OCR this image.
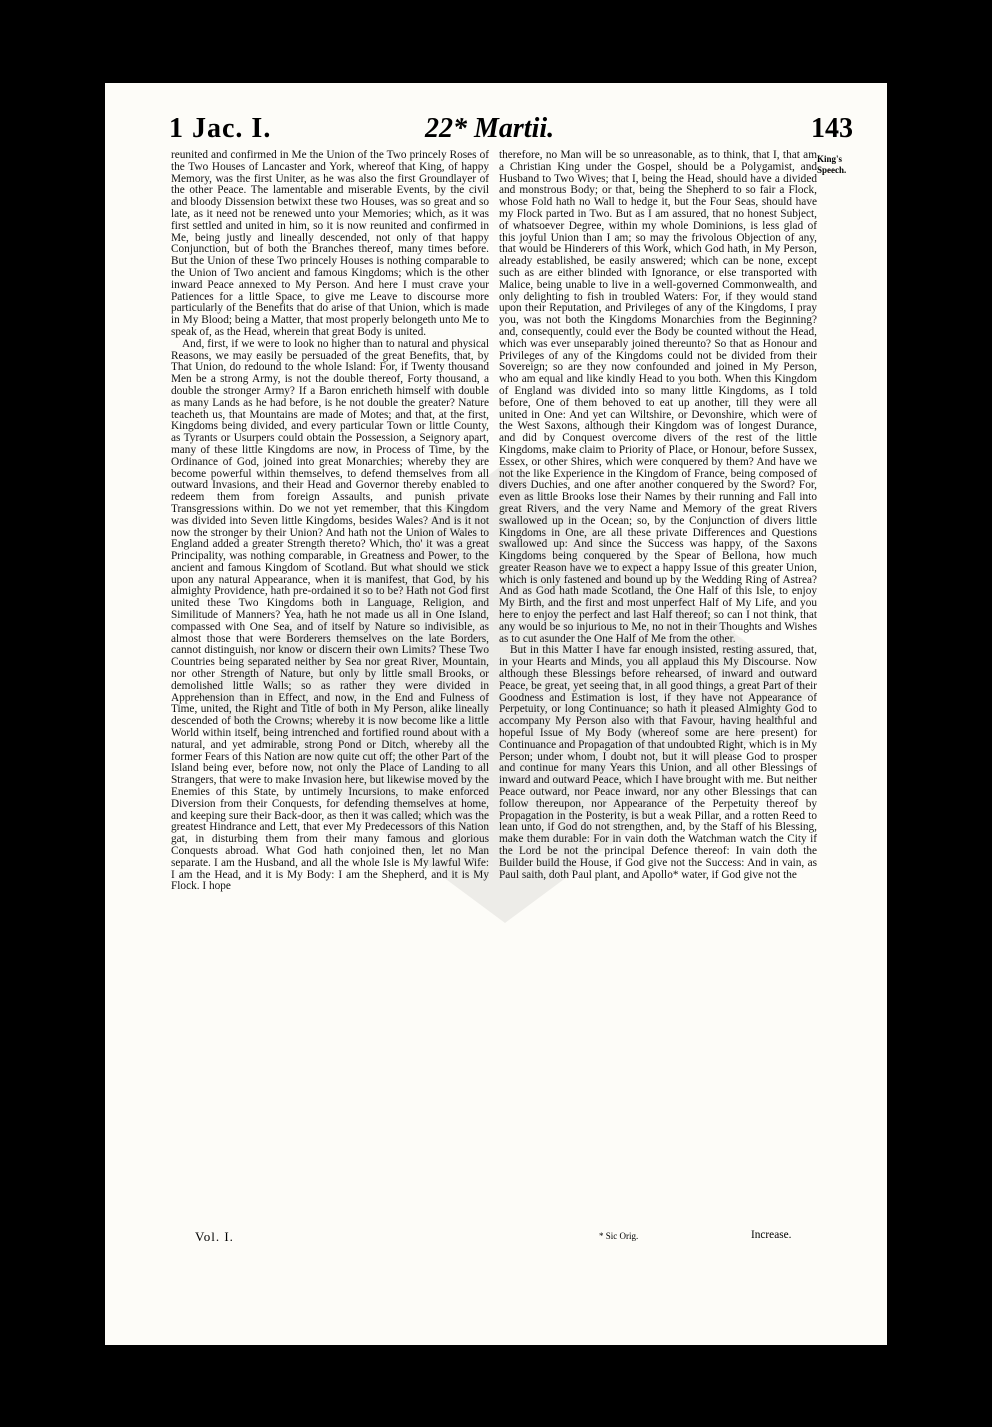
1 Jac. I.	22* Martii.	143
King's Speech.

reunited and confirmed in Me the Union of the Two princely Roses of the Two Houses of Lancaster and York, whereof that King, of happy Memory, was the first Uniter, as he was also the first Groundlayer of the other Peace. The lamentable and miserable Events, by the civil and bloody Dissension betwixt these two Houses, was so great and so late, as it need not be renewed unto your Memories; which, as it was first settled and united in him, so it is now reunited and confirmed in Me, being justly and lineally descended, not only of that happy Conjunction, but of both the Branches thereof, many times before. But the Union of these Two princely Houses is nothing comparable to the Union of Two ancient and famous Kingdoms; which is the other inward Peace annexed to My Person. And here I must crave your Patiences for a little Space, to give me Leave to discourse more particularly of the Benefits that do arise of that Union, which is made in My Blood; being a Matter, that most properly belongeth unto Me to speak of, as the Head, wherein that great Body is united.

And, first, if we were to look no higher than to natural and physical Reasons, we may easily be persuaded of the great Benefits, that, by That Union, do redound to the whole Island: For, if Twenty thousand Men be a strong Army, is not the double thereof, Forty thousand, a double the stronger Army? If a Baron enricheth himself with double as many Lands as he had before, is he not double the greater? Nature teacheth us, that Mountains are made of Motes; and that, at the first, Kingdoms being divided, and every particular Town or little County, as Tyrants or Usurpers could obtain the Possession, a Seignory apart, many of these little Kingdoms are now, in Process of Time, by the Ordinance of God, joined into great Monarchies; whereby they are become powerful within themselves, to defend themselves from all outward Invasions, and their Head and Governor thereby enabled to redeem them from foreign Assaults, and punish private Transgressions within. Do we not yet remember, that this Kingdom was divided into Seven little Kingdoms, besides Wales? And is it not now the stronger by their Union? And hath not the Union of Wales to England added a greater Strength thereto? Which, tho' it was a great Principality, was nothing comparable, in Greatness and Power, to the ancient and famous Kingdom of Scotland. But what should we stick upon any natural Appearance, when it is manifest, that God, by his almighty Providence, hath pre-ordained it so to be? Hath not God first united these Two Kingdoms both in Language, Religion, and Similitude of Manners? Yea, hath he not made us all in One Island, compassed with One Sea, and of itself by Nature so indivisible, as almost those that were Borderers themselves on the late Borders, cannot distinguish, nor know or discern their own Limits? These Two Countries being separated neither by Sea nor great River, Mountain, nor other Strength of Nature, but only by little small Brooks, or demolished little Walls; so as rather they were divided in Apprehension than in Effect, and now, in the End and Fulness of Time, united, the Right and Title of both in My Person, alike lineally descended of both the Crowns; whereby it is now become like a little World within itself, being intrenched and fortified round about with a natural, and yet admirable, strong Pond or Ditch, whereby all the former Fears of this Nation are now quite cut off; the other Part of the Island being ever, before now, not only the Place of Landing to all Strangers, that were to make Invasion here, but likewise moved by the Enemies of this State, by untimely Incursions, to make enforced Diversion from their Conquests, for defending themselves at home, and keeping sure their Back-door, as then it was called; which was the greatest Hindrance and Lett, that ever My Predecessors of this Nation gat, in disturbing them from their many famous and glorious Conquests abroad. What God hath conjoined then, let no Man separate. I am the Husband, and all the whole Isle is My lawful Wife: I am the Head, and it is My Body: I am the Shepherd, and it is My Flock. I hope

therefore, no Man will be so unreasonable, as to think, that I, that am a Christian King under the Gospel, should be a Polygamist, and Husband to Two Wives; that I, being the Head, should have a divided and monstrous Body; or that, being the Shepherd to so fair a Flock, whose Fold hath no Wall to hedge it, but the Four Seas, should have my Flock parted in Two. But as I am assured, that no honest Subject, of whatsoever Degree, within my whole Dominions, is less glad of this joyful Union than I am; so may the frivolous Objection of any, that would be Hinderers of this Work, which God hath, in My Person, already established, be easily answered; which can be none, except such as are either blinded with Ignorance, or else transported with Malice, being unable to live in a well-governed Commonwealth, and only delighting to fish in troubled Waters: For, if they would stand upon their Reputation, and Privileges of any of the Kingdoms, I pray you, was not both the Kingdoms Monarchies from the Beginning? and, consequently, could ever the Body be counted without the Head, which was ever unseparably joined thereunto? So that as Honour and Privileges of any of the Kingdoms could not be divided from their Sovereign; so are they now confounded and joined in My Person, who am equal and like kindly Head to you both. When this Kingdom of England was divided into so many little Kingdoms, as I told before, One of them behoved to eat up another, till they were all united in One: And yet can Wiltshire, or Devonshire, which were of the West Saxons, although their Kingdom was of longest Durance, and did by Conquest overcome divers of the rest of the little Kingdoms, make claim to Priority of Place, or Honour, before Sussex, Essex, or other Shires, which were conquered by them? And have we not the like Experience in the Kingdom of France, being composed of divers Duchies, and one after another conquered by the Sword? For, even as little Brooks lose their Names by their running and Fall into great Rivers, and the very Name and Memory of the great Rivers swallowed up in the Ocean; so, by the Conjunction of divers little Kingdoms in One, are all these private Differences and Questions swallowed up: And since the Success was happy, of the Saxons Kingdoms being conquered by the Spear of Bellona, how much greater Reason have we to expect a happy Issue of this greater Union, which is only fastened and bound up by the Wedding Ring of Astrea? And as God hath made Scotland, the One Half of this Isle, to enjoy My Birth, and the first and most unperfect Half of My Life, and you here to enjoy the perfect and last Half thereof; so can I not think, that any would be so injurious to Me, no not in their Thoughts and Wishes as to cut asunder the One Half of Me from the other.

But in this Matter I have far enough insisted, resting assured, that, in your Hearts and Minds, you all applaud this My Discourse. Now although these Blessings before rehearsed, of inward and outward Peace, be great, yet seeing that, in all good things, a great Part of their Goodness and Estimation is lost, if they have not Appearance of Perpetuity, or long Continuance; so hath it pleased Almighty God to accompany My Person also with that Favour, having healthful and hopeful Issue of My Body (whereof some are here present) for Continuance and Propagation of that undoubted Right, which is in My Person; under whom, I doubt not, but it will please God to prosper and continue for many Years this Union, and all other Blessings of inward and outward Peace, which I have brought with me. But neither Peace outward, nor Peace inward, nor any other Blessings that can follow thereupon, nor Appearance of the Perpetuity thereof by Propagation in the Posterity, is but a weak Pillar, and a rotten Reed to lean unto, if God do not strengthen, and, by the Staff of his Blessing, make them durable: For in vain doth the Watchman watch the City if the Lord be not the principal Defence thereof: In vain doth the Builder build the House, if God give not the Success: And in vain, as Paul saith, doth Paul plant, and Apollo* water, if God give not the

Vol. I.	* Sic Orig.	Increase.
